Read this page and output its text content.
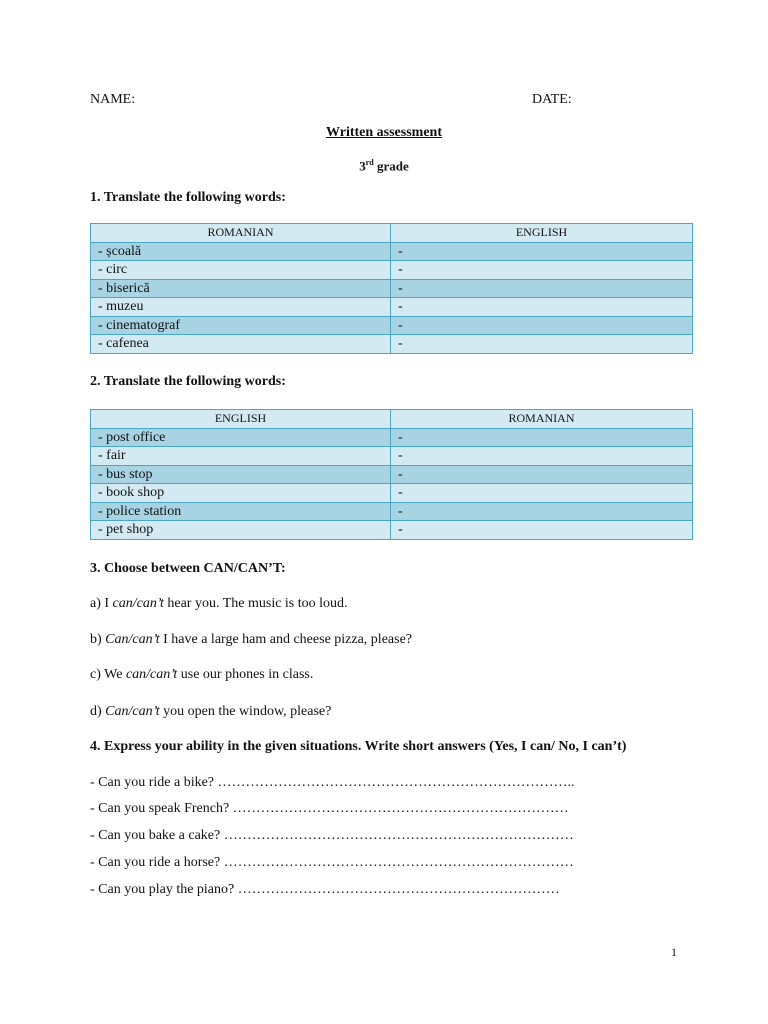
NAME:	DATE:
Written assessment
3rd grade
1. Translate the following words:
ROMANIAN	ENGLISH
- școală	-
- circ	-
- biserică	-
- muzeu	-
- cinematograf	-
- cafenea	-
2. Translate the following words:
ENGLISH	ROMANIAN
- post office	-
- fair	-
- bus stop	-
- book shop	-
- police station	-
- pet shop	-
3. Choose between CAN/CAN’T:
a) I can/can’t hear you. The music is too loud.
b) Can/can’t I have a large ham and cheese pizza, please?
c) We can/can’t use our phones in class.
d) Can/can’t you open the window, please?
4. Express your ability in the given situations. Write short answers (Yes, I can/ No, I can’t)
- Can you ride a bike? …………………………………………………………………..
- Can you speak French? ………………………………………………………………
- Can you bake a cake? …………………………………………………………………
- Can you ride a horse? …………………………………………………………………
- Can you play the piano? ……………………………………………………………
1
